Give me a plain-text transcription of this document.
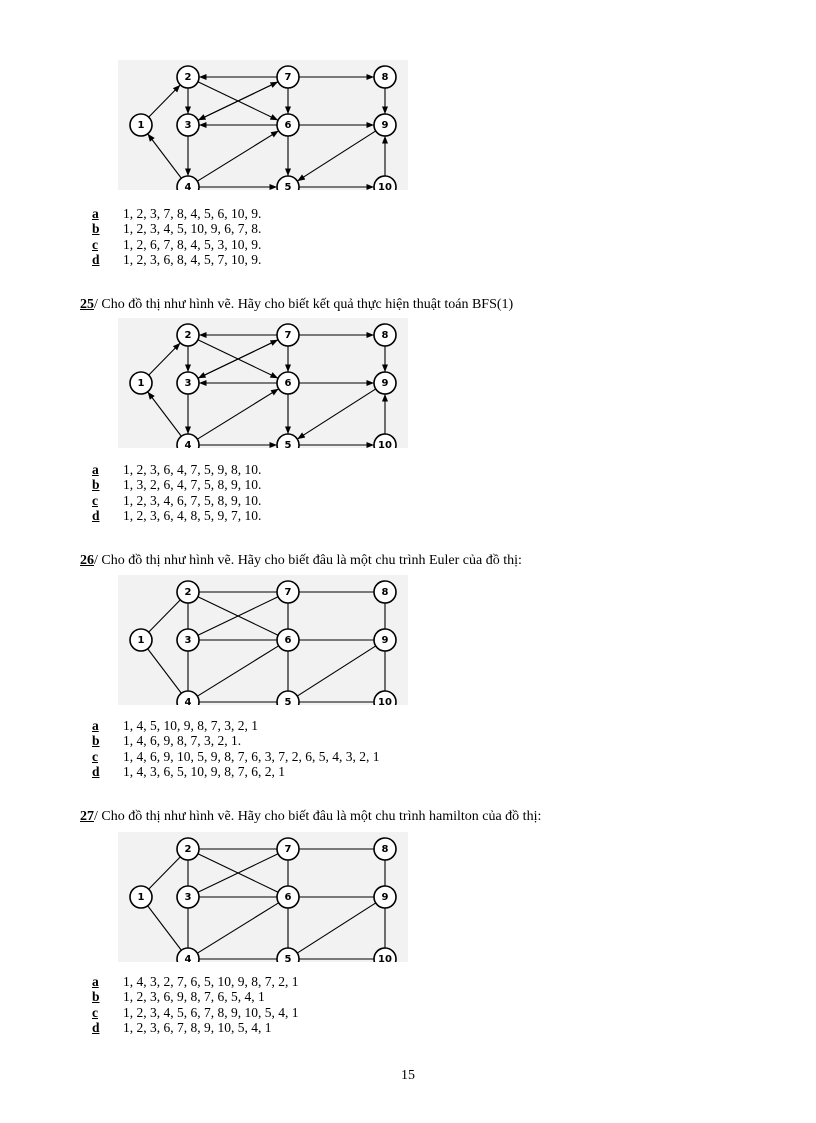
1
2
3
4	5
6
7	8
9
10
a	1, 2, 3, 7, 8, 4, 5, 6, 10, 9.
b	1, 2, 3, 4, 5, 10, 9, 6, 7, 8.
c	1, 2, 6, 7, 8, 4, 5, 3, 10, 9.
d	1, 2, 3, 6, 8, 4, 5, 7, 10, 9.
25/ Cho đồ thị như hình vẽ. Hãy cho biết kết quả thực hiện thuật toán BFS(1)
1
2
3
4	5
6
7	8
9
10
a	1, 2, 3, 6, 4, 7, 5, 9, 8, 10.
b	1, 3, 2, 6, 4, 7, 5, 8, 9, 10.
c	1, 2, 3, 4, 6, 7, 5, 8, 9, 10.
d	1, 2, 3, 6, 4, 8, 5, 9, 7, 10.
26/ Cho đồ thị như hình vẽ. Hãy cho biết đâu là một chu trình Euler của đồ thị:
1
2
3
4	5
6
7	8
9
10
a	1, 4, 5, 10, 9, 8, 7, 3, 2, 1
b	1, 4, 6, 9, 8, 7, 3, 2, 1.
c	1, 4, 6, 9, 10, 5, 9, 8, 7, 6, 3, 7, 2, 6, 5, 4, 3, 2, 1
d	1, 4, 3, 6, 5, 10, 9, 8, 7, 6, 2, 1
27/ Cho đồ thị như hình vẽ. Hãy cho biết đâu là một chu trình hamilton của đồ thị:
1
2
3
4	5
6
7	8
9
10
a	1, 4, 3, 2, 7, 6, 5, 10, 9, 8, 7, 2, 1
b	1, 2, 3, 6, 9, 8, 7, 6, 5, 4, 1
c	1, 2, 3, 4, 5, 6, 7, 8, 9, 10, 5, 4, 1
d	1, 2, 3, 6, 7, 8, 9, 10, 5, 4, 1
15
